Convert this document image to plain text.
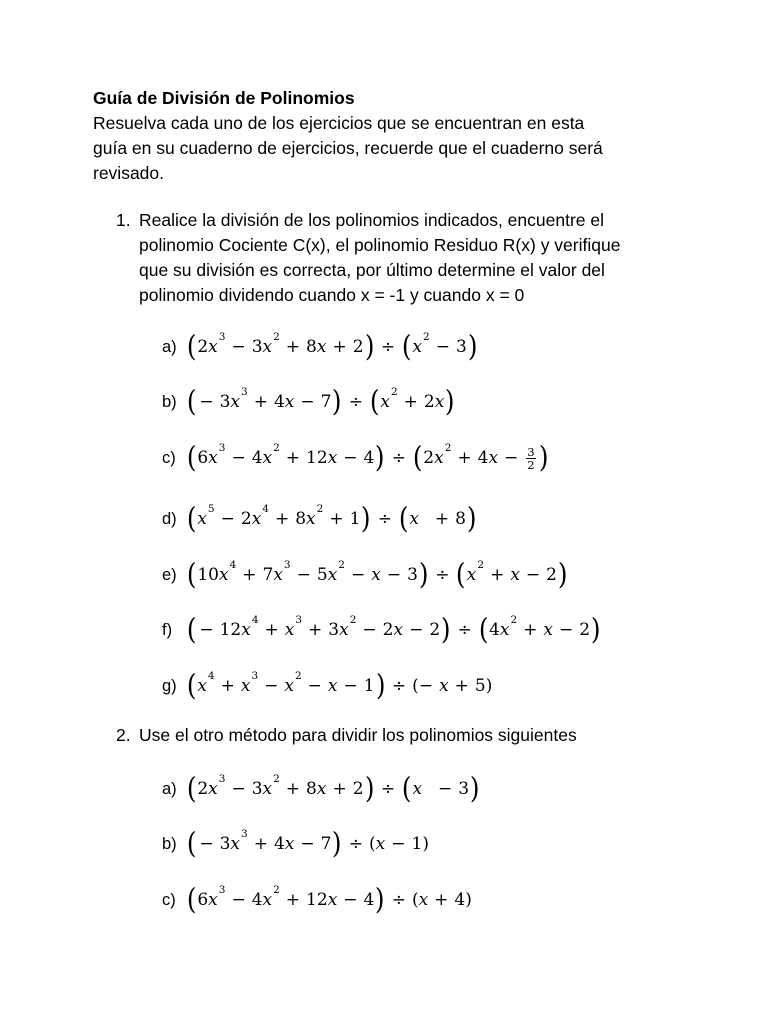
Guía de División de Polinomios

Resuelva cada uno de los ejercicios que se encuentran en esta

guía en su cuaderno de ejercicios, recuerde que el cuaderno será

revisado.

1. Realice la división de los polinomios indicados, encuentre el
polinomio Cociente C(x), el polinomio Residuo R(x) y verifique
que su división es correcta, por último determine el valor del
polinomio dividendo cuando x = -1 y cuando x = 0
a) ( 2 x 3 − 3 x 2 + 8 x + 2 ) ÷ ( x 2 − 3 )
b) ( − 3 x 3 + 4 x − 7 ) ÷ ( x 2 + 2 x )
c) ( 6 x 3 − 4 x 2 + 12 x − 4 ) ÷ ( 2 x 2 + 4 $x - \frac{3}{2}$ )
d) ( x 5 − 2 x 4 + 8 x 2 + 1 ) ÷ ( x + 8 )
e) ( 10 x 4 + 7 x 3 − 5 x 2 − x − 3 ) ÷ ( x 2 + x − 2 )
f) ( − 12 x 4 + x 3 + 3 x 2 − 2 x − 2 ) ÷ ( 4 x 2 + x − 2 )
g) ( x 4 + x 3 − x 2 − x − 1 ) ÷ ( − x + 5 )
2. Use el otro método para dividir los polinomios siguientes

a) ( 2 x 3 − 3 x 2 + 8 x + 2 ) ÷ ( x − 3 )
b) ( − 3 x 3 + 4 x − 7 ) ÷ ( x − 1 )
c) ( 6 x 3 − 4 x 2 + 12 x − 4 ) ÷ ( x + 4 )
